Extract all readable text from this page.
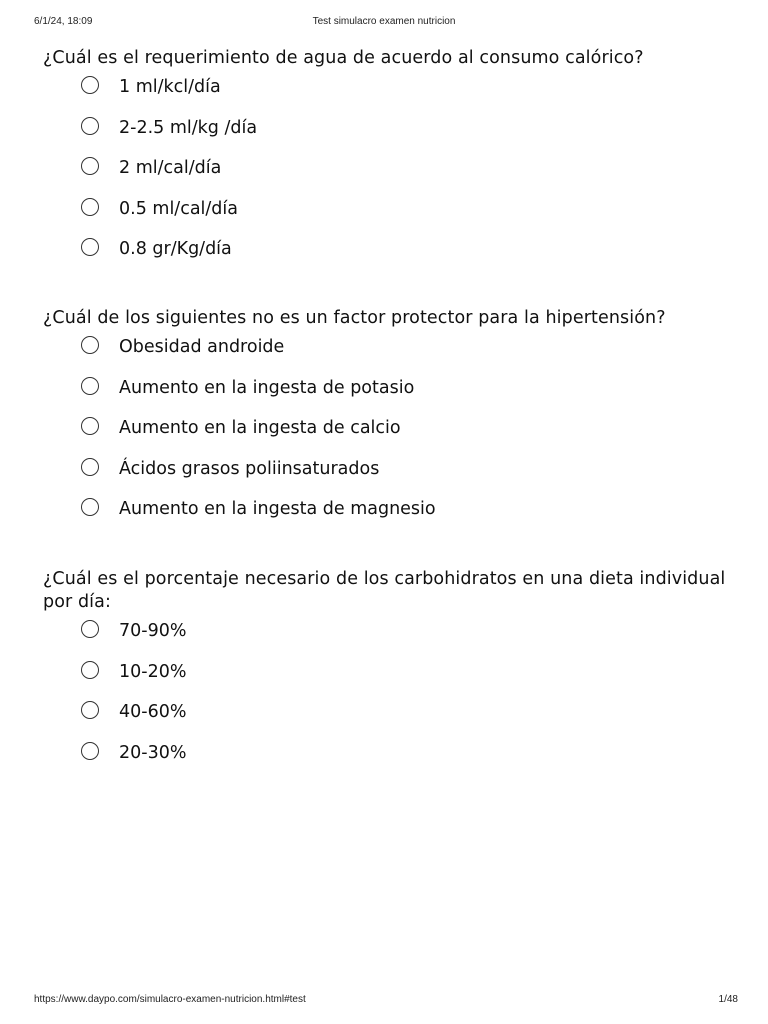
6/1/24, 18:09	Test simulacro examen nutricion
¿Cuál es el requerimiento de agua de acuerdo al consumo calórico?
1 ml/kcl/día
2-2.5 ml/kg /día
2 ml/cal/día
0.5 ml/cal/día
0.8 gr/Kg/día
¿Cuál de los siguientes no es un factor protector para la hipertensión?
Obesidad androide
Aumento en la ingesta de potasio
Aumento en la ingesta de calcio
Ácidos grasos poliinsaturados
Aumento en la ingesta de magnesio
¿Cuál es el porcentaje necesario de los carbohidratos en una dieta individual por día:
70-90%
10-20%
40-60%
20-30%
https://www.daypo.com/simulacro-examen-nutricion.html#test	1/48
